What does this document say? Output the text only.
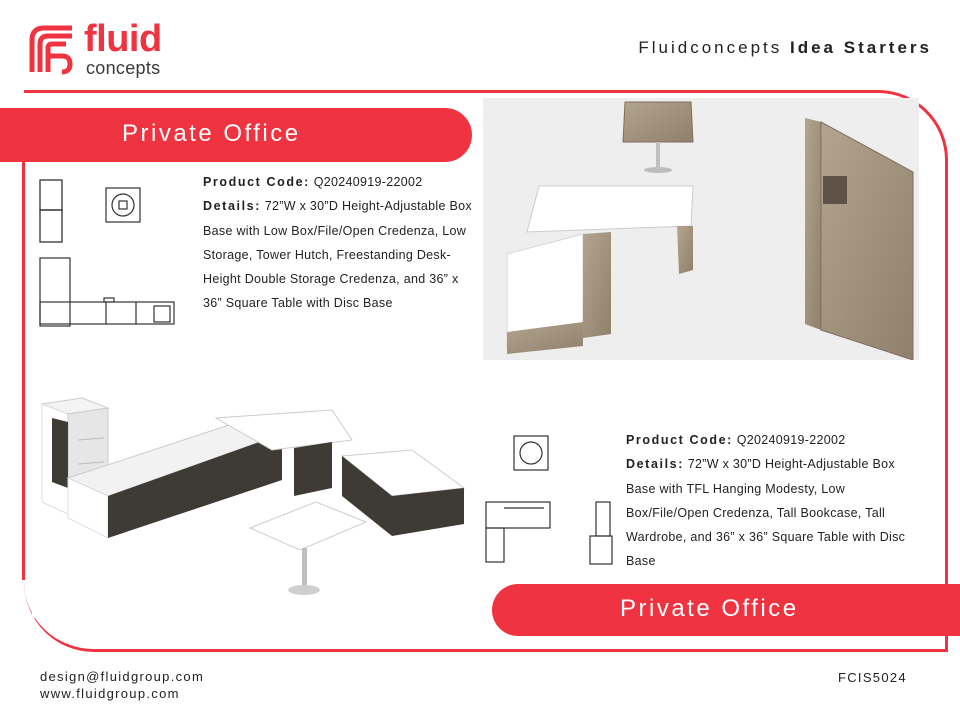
fluid
concepts
Fluidconcepts Idea Starters
Private Office
Product Code: Q20240919-22002
Details: 72”W x 30”D Height-Adjustable Box Base with Low Box/File/Open Credenza, Low Storage, Tower Hutch, Freestanding Desk-Height Double Storage Credenza, and 36” x 36” Square Table with Disc Base
Product Code: Q20240919-22002
Details: 72”W x 30”D Height-Adjustable Box Base with TFL Hanging Modesty, Low Box/File/Open Credenza, Tall Bookcase, Tall Wardrobe, and 36” x 36” Square Table with Disc Base
Private Office
design@fluidgroup.com
www.fluidgroup.com
FCIS5024
